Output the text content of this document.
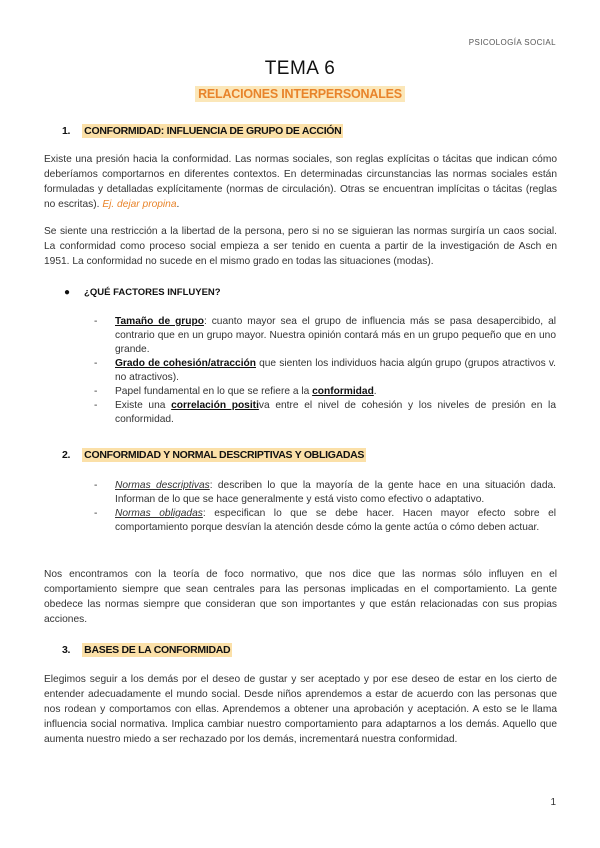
PSICOLOGÍA SOCIAL
TEMA 6
RELACIONES INTERPERSONALES
1. CONFORMIDAD: INFLUENCIA DE GRUPO DE ACCIÓN

Existe una presión hacia la conformidad. Las normas sociales, son reglas explícitas o tácitas que indican cómo deberíamos comportarnos en diferentes contextos. En determinadas circunstancias las normas sociales están formuladas y detalladas explícitamente (normas de circulación). Otras se encuentran implícitas o tácitas (reglas no escritas). Ej. dejar propina.

Se siente una restricción a la libertad de la persona, pero si no se siguieran las normas surgiría un caos social. La conformidad como proceso social empieza a ser tenido en cuenta a partir de la investigación de Asch en 1951. La conformidad no sucede en el mismo grado en todas las situaciones (modas).

● ¿QUÉ FACTORES INFLUYEN?
- Tamaño de grupo: cuanto mayor sea el grupo de influencia más se pasa desapercibido, al contrario que en un grupo mayor. Nuestra opinión contará más en un grupo pequeño que en uno grande.
- Grado de cohesión/atracción que sienten los individuos hacia algún grupo (grupos atractivos v. no atractivos).
- Papel fundamental en lo que se refiere a la conformidad.
- Existe una correlación positiva entre el nivel de cohesión y los niveles de presión en la conformidad.
2. CONFORMIDAD Y NORMAL DESCRIPTIVAS Y OBLIGADAS
- Normas descriptivas: describen lo que la mayoría de la gente hace en una situación dada. Informan de lo que se hace generalmente y está visto como efectivo o adaptativo.
- Normas obligadas: especifican lo que se debe hacer. Hacen mayor efecto sobre el comportamiento porque desvían la atención desde cómo la gente actúa o cómo deben actuar.

Nos encontramos con la teoría de foco normativo, que nos dice que las normas sólo influyen en el comportamiento siempre que sean centrales para las personas implicadas en el comportamiento. La gente obedece las normas siempre que consideran que son importantes y que están relacionadas con sus propias acciones.

3. BASES DE LA CONFORMIDAD

Elegimos seguir a los demás por el deseo de gustar y ser aceptado y por ese deseo de estar en los cierto de entender adecuadamente el mundo social. Desde niños aprendemos a estar de acuerdo con las personas que nos rodean y comportamos con ellas. Aprendemos a obtener una aprobación y aceptación. A esto se le llama influencia social normativa. Implica cambiar nuestro comportamiento para adaptarnos a los demás. Aquello que aumenta nuestro miedo a ser rechazado por los demás, incrementará nuestra conformidad.

1
